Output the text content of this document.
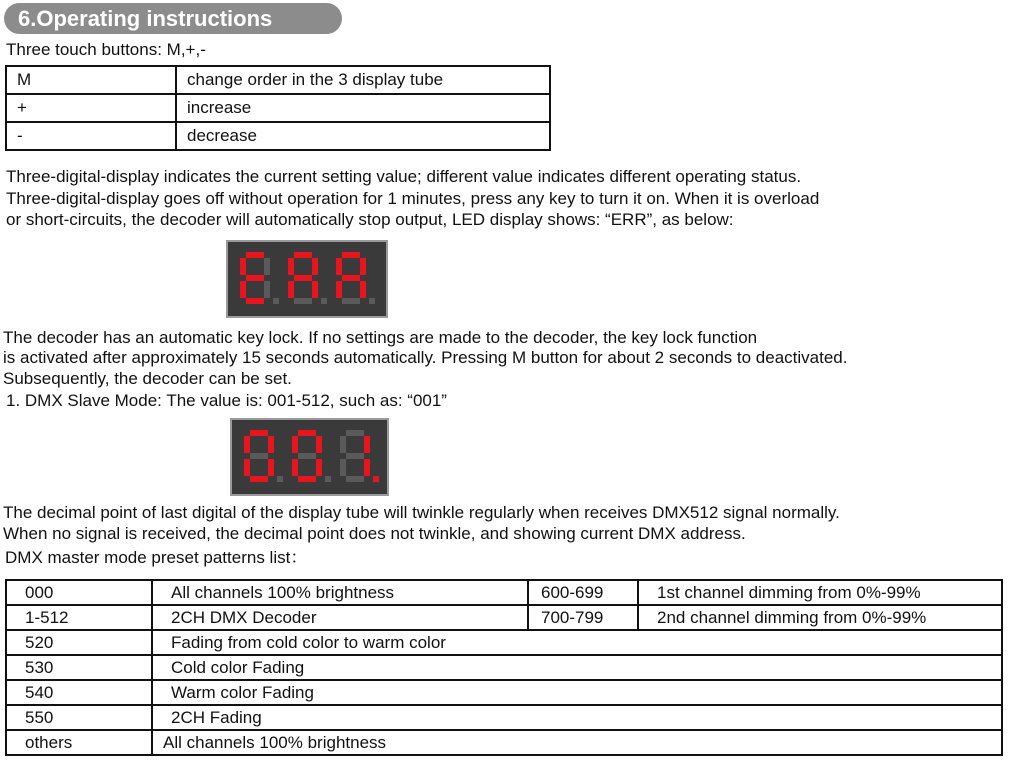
6.Operating instructions
Three touch buttons: M,+,-
M	change order in the 3 display tube
+	increase
-	decrease
Three-digital-display indicates the current setting value; different value indicates different operating status.
Three-digital-display goes off without operation for 1 minutes, press any key to turn it on. When it is overload
or short-circuits, the decoder will automatically stop output, LED display shows: “ERR”, as below:
The decoder has an automatic key lock. If no settings are made to the decoder, the key lock function
is activated after approximately 15 seconds automatically. Pressing M button for about 2 seconds to deactivated.
Subsequently, the decoder can be set.
1. DMX Slave Mode: The value is: 001-512, such as: “001”
The decimal point of last digital of the display tube will twinkle regularly when receives DMX512 signal normally.
When no signal is received, the decimal point does not twinkle, and showing current DMX address.
DMX master mode preset patterns list：
000	All channels 100% brightness	600-699	1st channel dimming from 0%-99%
1-512	2CH DMX Decoder	700-799	2nd channel dimming from 0%-99%
520	Fading from cold color to warm color		
530	Cold color Fading		
540	Warm color Fading		
550	2CH Fading		
others	All channels 100% brightness		
